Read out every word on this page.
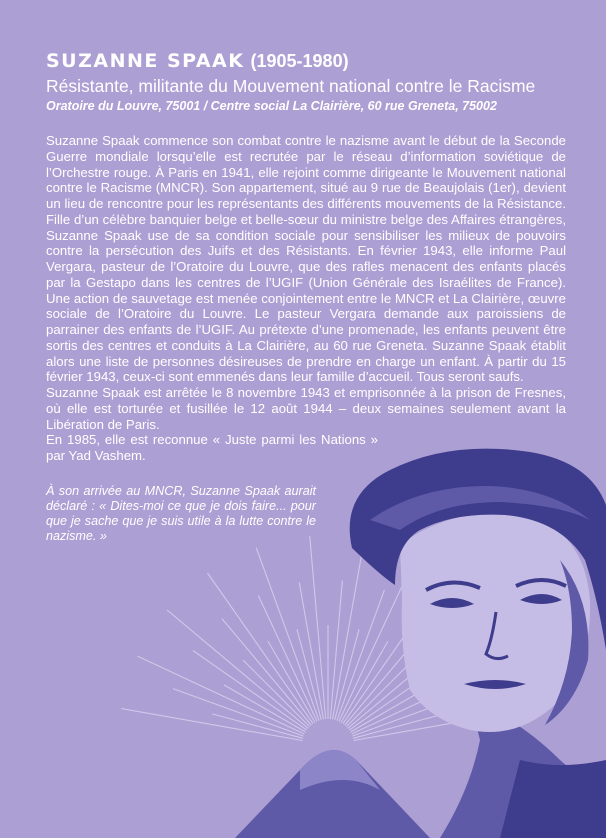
SUZANNE SPAAK (1905-1980)
Résistante, militante du Mouvement national contre le Racisme
Oratoire du Louvre, 75001 / Centre social La Clairière, 60 rue Greneta, 75002

Suzanne Spaak commence son combat contre le nazisme avant le début de la Seconde Guerre mondiale lorsqu’elle est recrutée par le réseau d’information soviétique de l’Orchestre rouge. À Paris en 1941, elle rejoint comme dirigeante le Mouvement national contre le Racisme (MNCR). Son appartement, situé au 9 rue de Beaujolais (1er), devient un lieu de rencontre pour les représentants des différents mouvements de la Résistance. Fille d’un célèbre banquier belge et belle-sœur du ministre belge des Affaires étrangères, Suzanne Spaak use de sa condition sociale pour sensibiliser les milieux de pouvoirs contre la persécution des Juifs et des Résistants. En février 1943, elle informe Paul Vergara, pasteur de l’Oratoire du Louvre, que des rafles menacent des enfants placés par la Gestapo dans les centres de l’UGIF (Union Générale des Israélites de France). Une action de sauvetage est menée conjointement entre le MNCR et La Clairière, œuvre sociale de l’Oratoire du Louvre. Le pasteur Vergara demande aux paroissiens de parrainer des enfants de l’UGIF. Au prétexte d’une promenade, les enfants peuvent être sortis des centres et conduits à La Clairière, au 60 rue Greneta. Suzanne Spaak établit alors une liste de personnes désireuses de prendre en charge un enfant. À partir du 15 février 1943, ceux-ci sont emmenés dans leur famille d’accueil. Tous seront saufs.

Suzanne Spaak est arrêtée le 8 novembre 1943 et emprisonnée à la prison de Fresnes, où elle est torturée et fusillée le 12 août 1944 – deux semaines seulement avant la Libération de Paris.

En 1985, elle est reconnue « Juste parmi les Nations » par Yad Vashem.

À son arrivée au MNCR, Suzanne Spaak aurait déclaré : « Dites-moi ce que je dois faire... pour que je sache que je suis utile à la lutte contre le nazisme. »
